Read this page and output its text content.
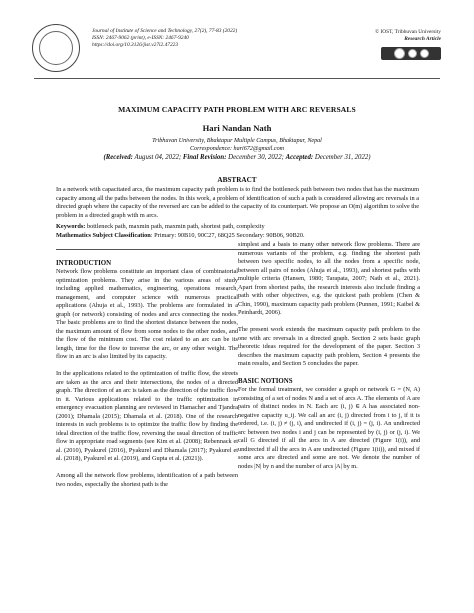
Journal of Institute of Science and Technology, 27(2), 77-83 (2022)
ISSN: 2467-9062 (print), e-ISSN: 2467-9240
https://doi.org/10.3126/jist.v27i2.47223
© IOST, Tribhuvan University
Research Article
MAXIMUM CAPACITY PATH PROBLEM WITH ARC REVERSALS
Hari Nandan Nath
Tribhuvan University, Bhaktapur Multiple Campus, Bhaktapur, Nepal
Correspondence: hari672@gmail.com
(Received: August 04, 2022; Final Revision: December 30, 2022; Accepted: December 31, 2022)
ABSTRACT
In a network with capacitated arcs, the maximum capacity path problem is to find the bottleneck path between two nodes that has the maximum capacity among all the paths between the nodes. In this work, a problem of identification of such a path is considered allowing arc reversals in a directed graph where the capacity of the reversed arc can be added to the capacity of its counterpart. We propose an O(m) algorithm to solve the problem in a directed graph with m arcs.
Keywords: bottleneck path, maxmin path, maxmin path, shortest path, complexity
Mathematics Subject Classification: Primary: 90B10, 90C27, 68Q25 Secondary: 90B06, 90B20.
INTRODUCTION

Network flow problems constitute an important class of combinatorial optimization problems. They arise in the various areas of study including applied mathematics, engineering, operations research, management, and computer science with numerous practical applications (Ahuja et al., 1993). The problems are formulated in a graph (or network) consisting of nodes and arcs connecting the nodes. The basic problems are to find the shortest distance between the nodes, the maximum amount of flow from some nodes to the other nodes, and the flow of the minimum cost. The cost related to an arc can be its length, time for the flow to traverse the arc, or any other weight. The flow in an arc is also limited by its capacity.

In the applications related to the optimization of traffic flow, the streets are taken as the arcs and their intersections, the nodes of a directed graph. The direction of an arc is taken as the direction of the traffic flow in it. Various applications related to the traffic optimization in emergency evacuation planning are reviewed in Hamacher and Tjandra (2001); Dhamala (2015); Dhamala et al. (2018). One of the research interests in such problems is to optimize the traffic flow by finding the ideal direction of the traffic flow, reversing the usual direction of traffic flow in appropriate road segments (see Kim et al. (2008); Rebennack et al. (2010), Pyakurel (2016), Pyakurel and Dhamala (2017); Pyakurel et al. (2018), Pyakurel et al. (2019), and Gupta et al. (2021)).

Among all the network flow problems, identification of a path between two nodes, especially the shortest path is the

simplest and a basis to many other network flow problems. There are numerous variants of the problem, e.g. finding the shortest path between two specific nodes, to all the nodes from a specific node, between all pairs of nodes (Ahuja et al., 1993), and shortest paths with multiple criteria (Hansen, 1980; Tarapata, 2007; Nath et al., 2021). Apart from shortest paths, the research interests also include finding a path with other objectives, e.g. the quickest path problem (Chen & Chin, 1990), maximum capacity path problem (Punnen, 1991; Kaibel & Peinhardt, 2006).

The present work extends the maximum capacity path problem to the one with arc reversals in a directed graph. Section 2 sets basic graph theoretic ideas required for the development of the paper. Section 3 describes the maximum capacity path problem, Section 4 presents the main results, and Section 5 concludes the paper.

BASIC NOTIONS

For the formal treatment, we consider a graph or network G = (N, A) consisting of a set of nodes N and a set of arcs A. The elements of A are pairs of distinct nodes in N. Each arc (i, j) ∈ A has associated non-negative capacity u_ij. We call an arc (i, j) directed from i to j, if it is ordered, i.e. (i, j) ≠ (j, i), and undirected if (i, j) = (j, i). An undirected arc between two nodes i and j can be represented by (i, j) or (j, i). We call G directed if all the arcs in A are directed (Figure 1(i)), and undirected if all the arcs in A are undirected (Figure 1(ii)), and mixed if some arcs are directed and some are not. We denote the number of nodes |N| by n and the number of arcs |A| by m.
